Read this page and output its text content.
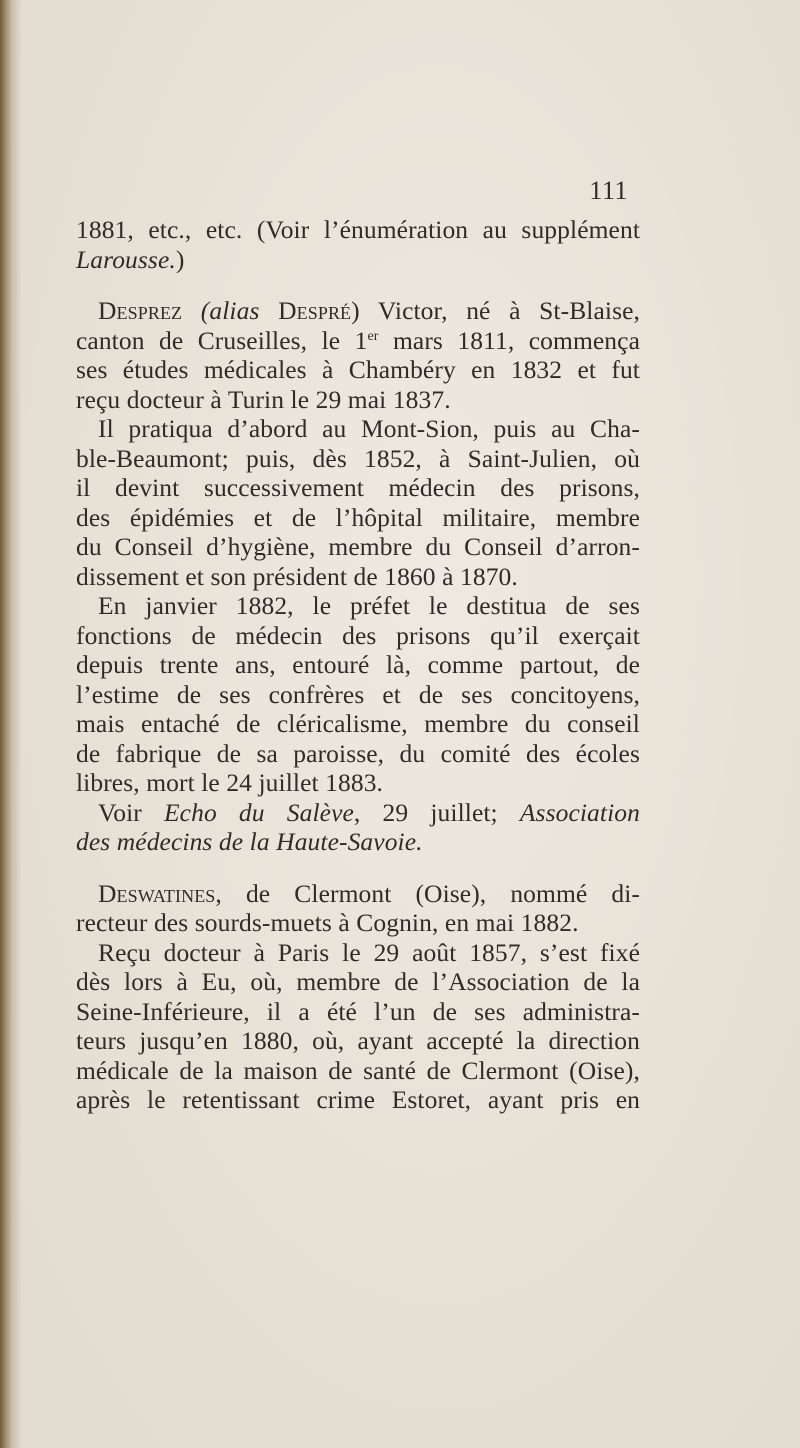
111
1881, etc., etc. (Voir l’énumération au supplément
Larousse.)
Desprez (alias Despré) Victor, né à St-Blaise,
canton de Cruseilles, le 1er mars 1811, commença
ses études médicales à Chambéry en 1832 et fut
reçu docteur à Turin le 29 mai 1837.
Il pratiqua d’abord au Mont-Sion, puis au Cha-
ble-Beaumont; puis, dès 1852, à Saint-Julien, où
il devint successivement médecin des prisons,
des épidémies et de l’hôpital militaire, membre
du Conseil d’hygiène, membre du Conseil d’arron-
dissement et son président de 1860 à 1870.
En janvier 1882, le préfet le destitua de ses
fonctions de médecin des prisons qu’il exerçait
depuis trente ans, entouré là, comme partout, de
l’estime de ses confrères et de ses concitoyens,
mais entaché de cléricalisme, membre du conseil
de fabrique de sa paroisse, du comité des écoles
libres, mort le 24 juillet 1883.
Voir Echo du Salève, 29 juillet; Association
des médecins de la Haute-Savoie.
Deswatines, de Clermont (Oise), nommé di-
recteur des sourds-muets à Cognin, en mai 1882.
Reçu docteur à Paris le 29 août 1857, s’est fixé
dès lors à Eu, où, membre de l’Association de la
Seine-Inférieure, il a été l’un de ses administra-
teurs jusqu’en 1880, où, ayant accepté la direction
médicale de la maison de santé de Clermont (Oise),
après le retentissant crime Estoret, ayant pris en
